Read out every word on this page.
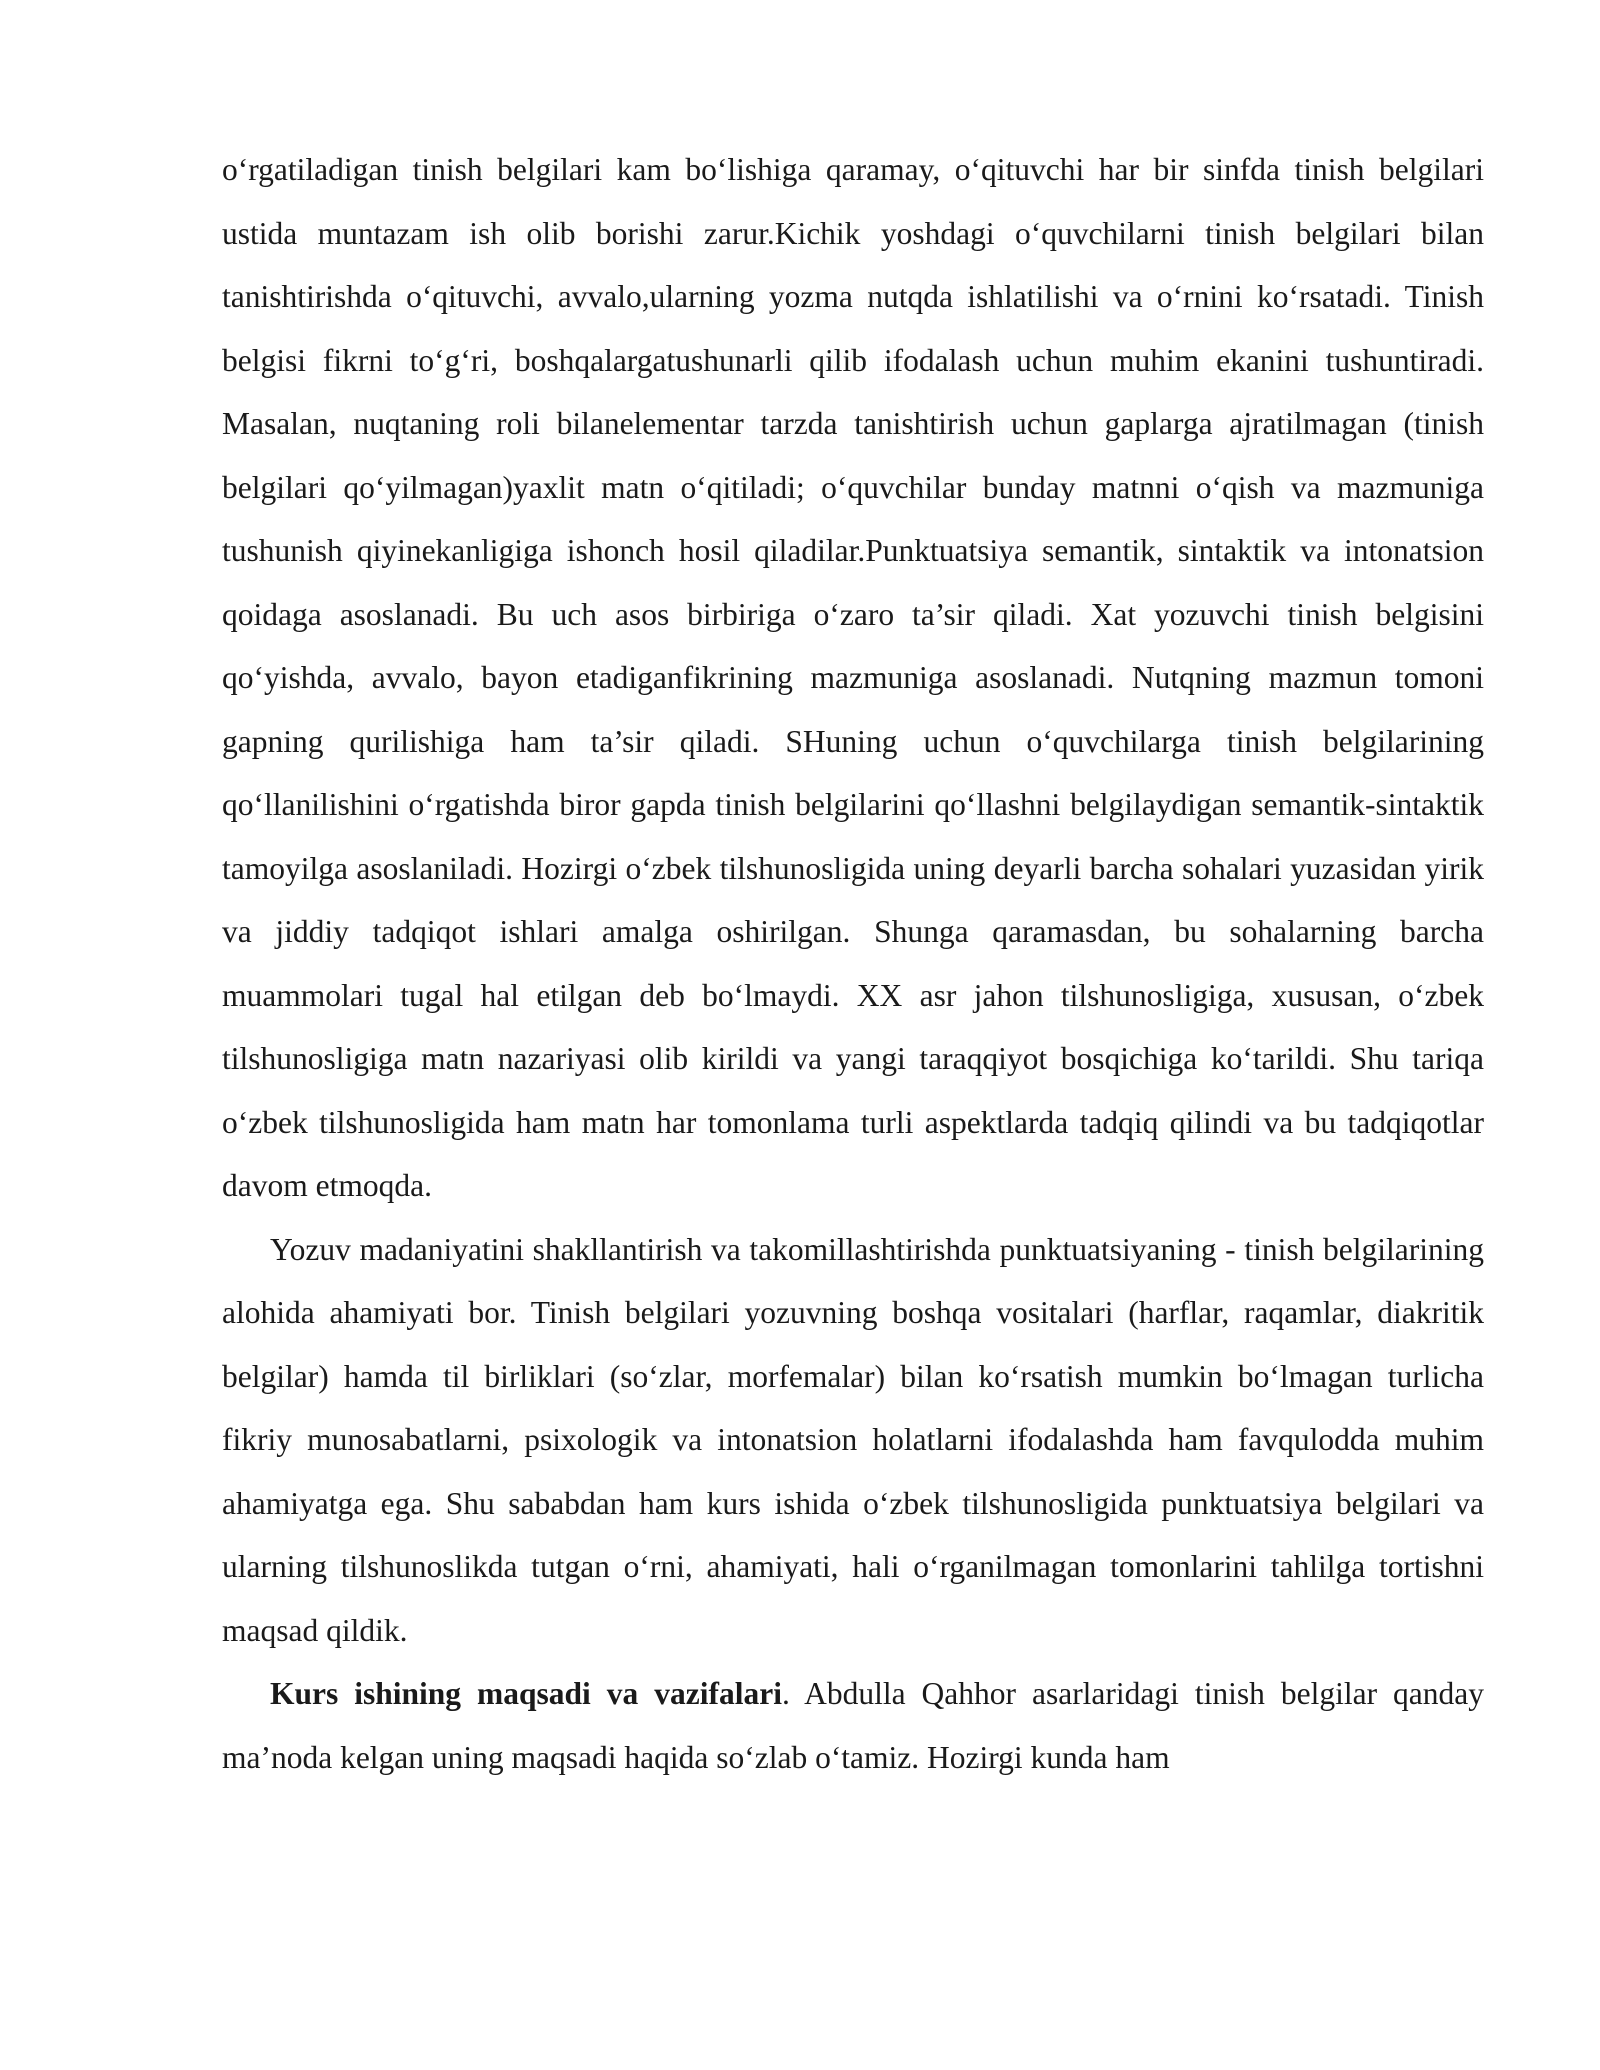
o‘rgatiladigan tinish belgilari kam bo‘lishiga qaramay, o‘qituvchi har bir sinfda tinish belgilari ustida muntazam ish olib borishi zarur.Kichik yoshdagi o‘quvchilarni tinish belgilari bilan tanishtirishda o‘qituvchi, avvalo,ularning yozma nutqda ishlatilishi va o‘rnini ko‘rsatadi. Tinish belgisi fikrni to‘g‘ri, boshqalargatushunarli qilib ifodalash uchun muhim ekanini tushuntiradi. Masalan, nuqtaning roli bilanelementar tarzda tanishtirish uchun gaplarga ajratilmagan (tinish belgilari qo‘yilmagan)yaxlit matn o‘qitiladi; o‘quvchilar bunday matnni o‘qish va mazmuniga tushunish qiyinekanligiga ishonch hosil qiladilar.Punktuatsiya semantik, sintaktik va intonatsion qoidaga asoslanadi. Bu uch asos birbiriga o‘zaro ta’sir qiladi. Xat yozuvchi tinish belgisini qo‘yishda, avvalo, bayon etadiganfikrining mazmuniga asoslanadi. Nutqning mazmun tomoni gapning qurilishiga ham ta’sir qiladi. SHuning uchun o‘quvchilarga tinish belgilarining qo‘llanilishini o‘rgatishda biror gapda tinish belgilarini qo‘llashni belgilaydigan semantik-sintaktik tamoyilga asoslaniladi. Hozirgi o‘zbek tilshunosligida uning deyarli barcha sohalari yuzasidan yirik va jiddiy tadqiqot ishlari amalga oshirilgan. Shunga qaramasdan, bu sohalarning barcha muammolari tugal hal etilgan deb bo‘lmaydi. XX asr jahon tilshunosligiga, xususan, o‘zbek tilshunosligiga matn nazariyasi olib kirildi va yangi taraqqiyot bosqichiga ko‘tarildi. Shu tariqa o‘zbek tilshunosligida ham matn har tomonlama turli aspektlarda tadqiq qilindi va bu tadqiqotlar davom etmoqda.

Yozuv madaniyatini shakllantirish va takomillashtirishda punktuatsiyaning - tinish belgilarining alohida ahamiyati bor. Tinish belgilari yozuvning boshqa vositalari (harflar, raqamlar, diakritik belgilar) hamda til birliklari (so‘zlar, morfemalar) bilan ko‘rsatish mumkin bo‘lmagan turlicha fikriy munosabatlarni, psixologik va intonatsion holatlarni ifodalashda ham favqulodda muhim ahamiyatga ega. Shu sababdan ham kurs ishida o‘zbek tilshunosligida punktuatsiya belgilari va ularning tilshunoslikda tutgan o‘rni, ahamiyati, hali o‘rganilmagan tomonlarini tahlilga tortishni maqsad qildik.

Kurs ishining maqsadi va vazifalari. Abdulla Qahhor asarlaridagi tinish belgilar qanday ma’noda kelgan uning maqsadi haqida so‘zlab o‘tamiz. Hozirgi kunda ham
